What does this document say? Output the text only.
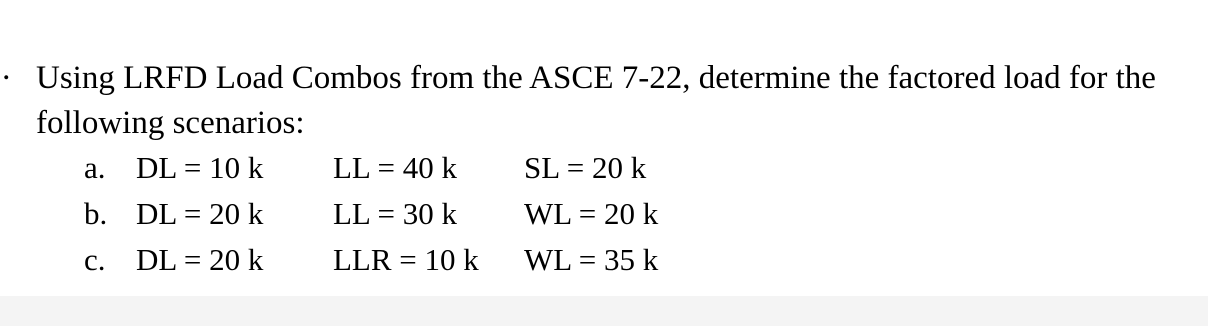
. Using LRFD Load Combos from the ASCE 7-22, determine the factored load for the
following scenarios:

a. DL = 10 k LL = 40 k SL = 20 k
b. DL = 20 k LL = 30 k WL = 20 k
c. DL = 20 k LLR = 10 k WL = 35 k
